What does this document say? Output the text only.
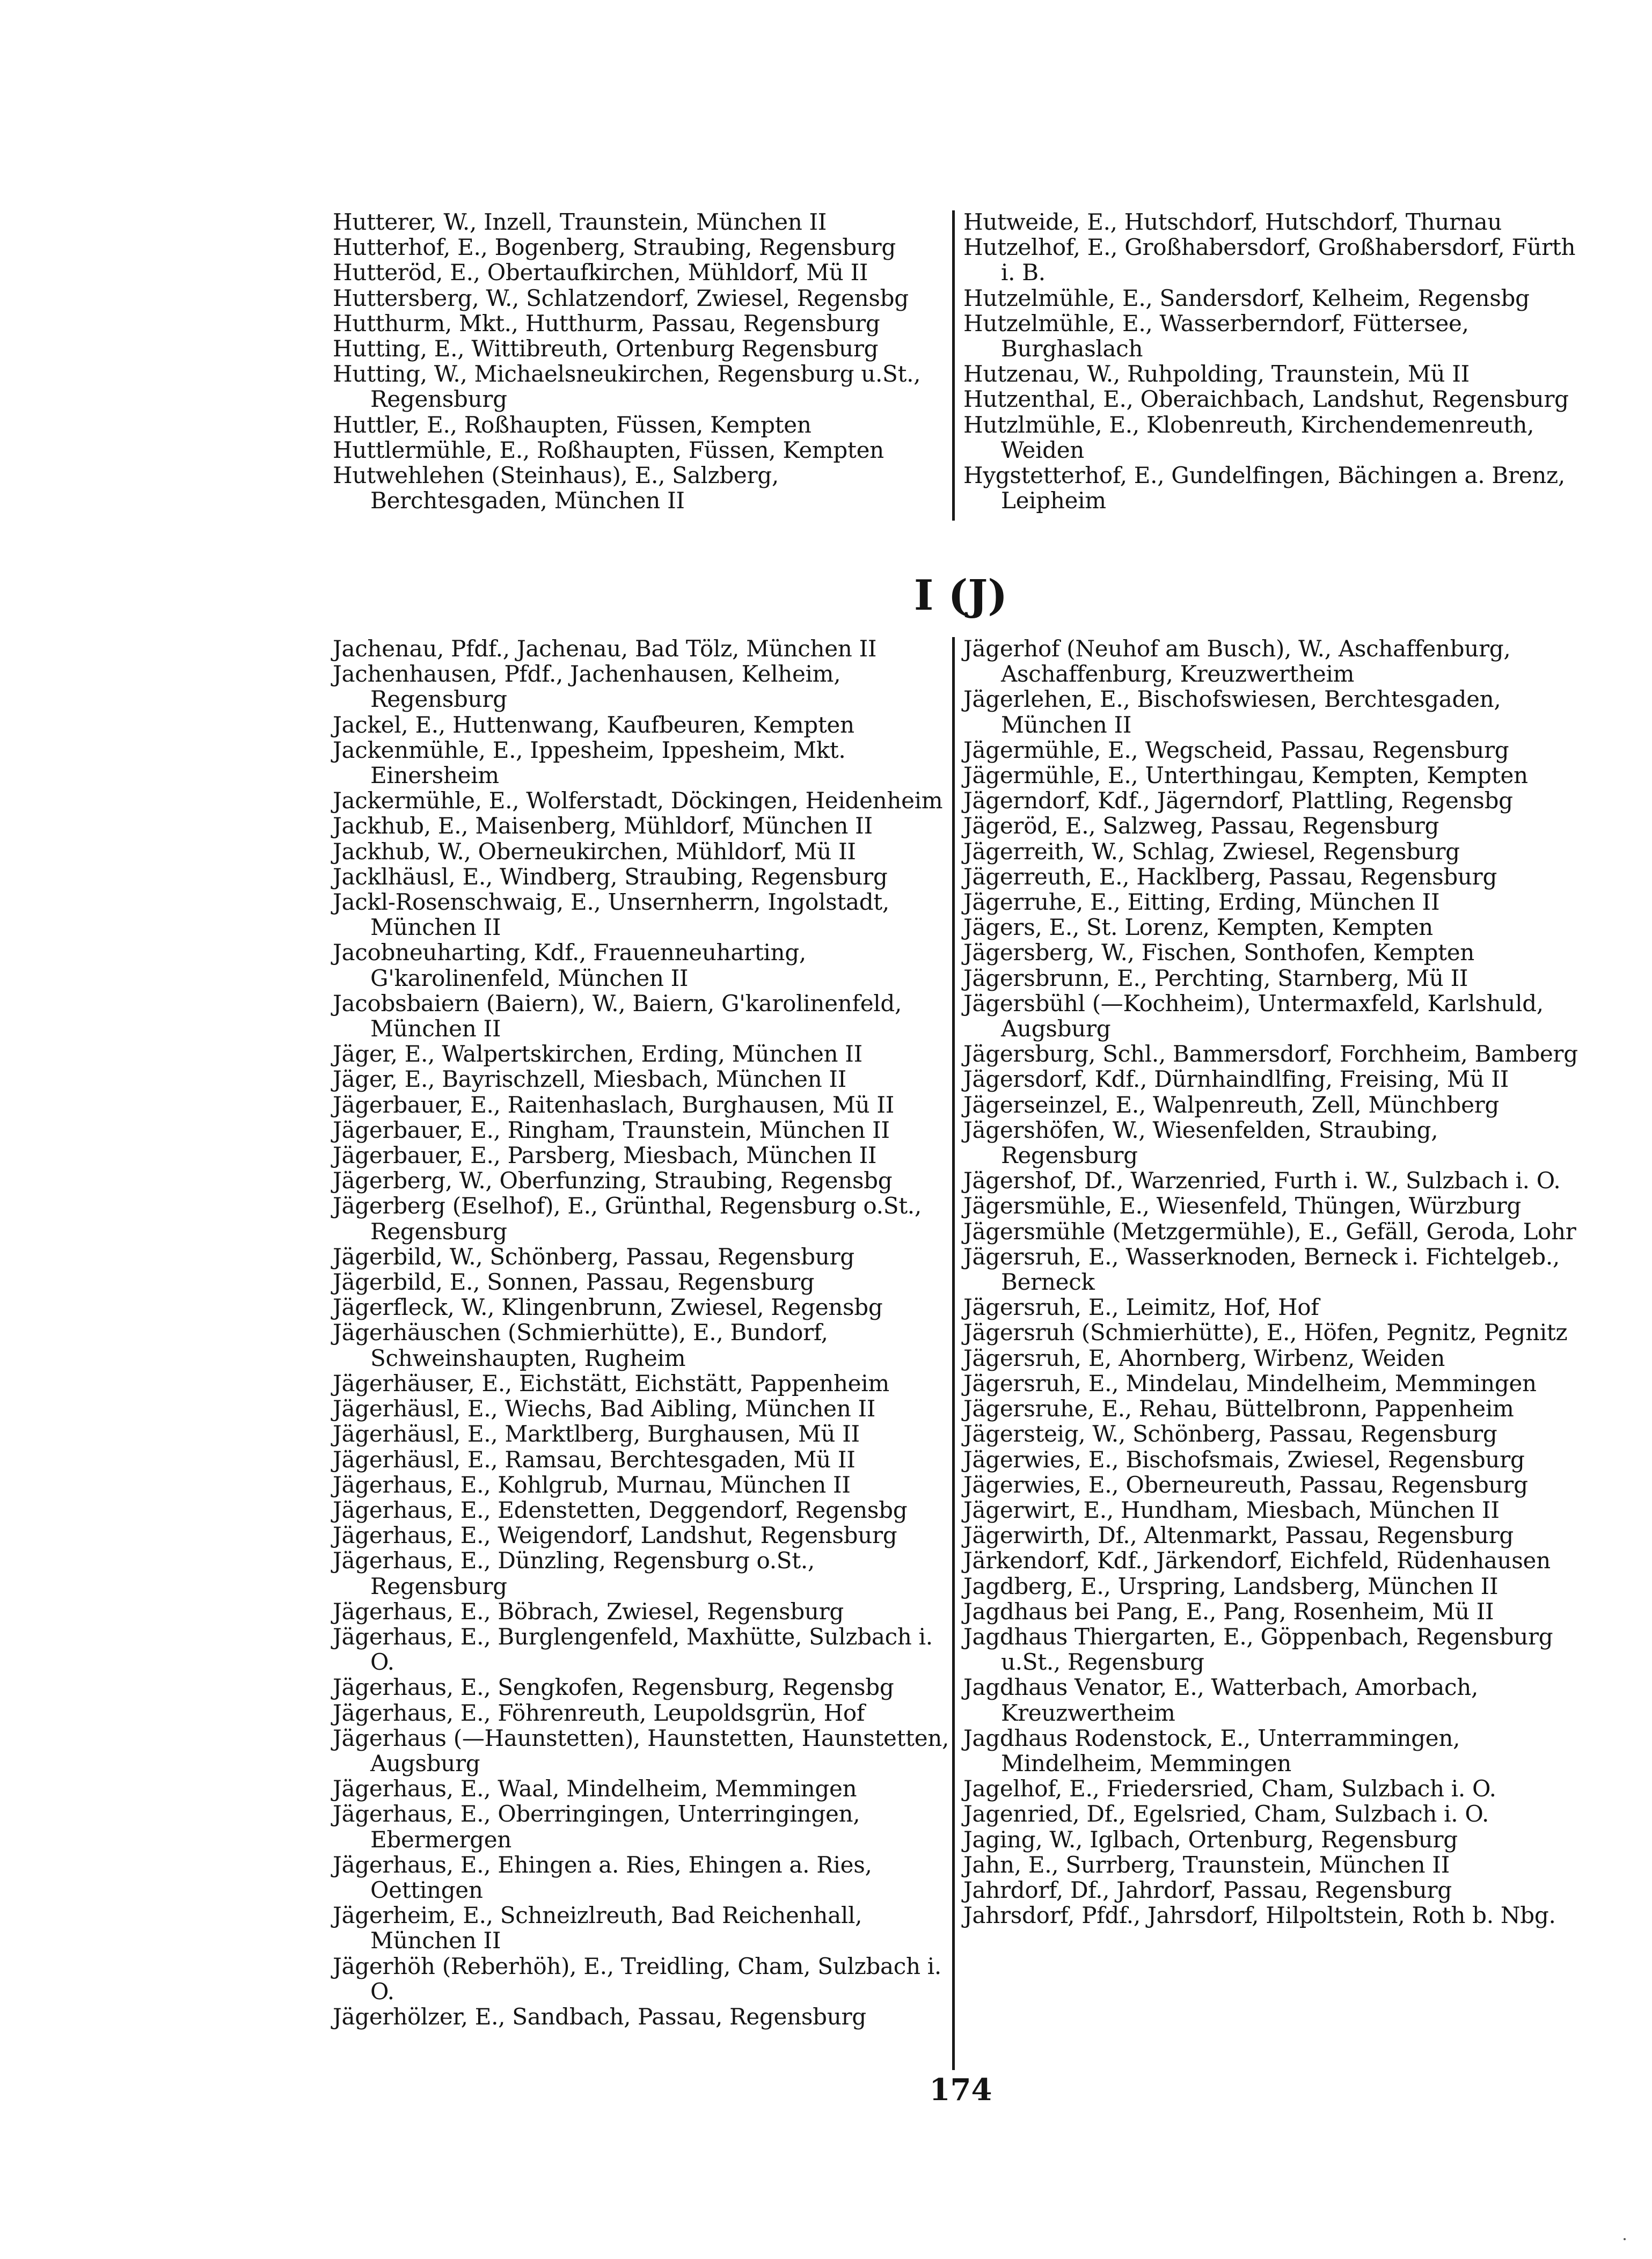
Hutterer, W., Inzell, Traunstein, München II

Hutterhof, E., Bogenberg, Straubing, Regensburg

Hutteröd, E., Obertaufkirchen, Mühldorf, Mü II

Huttersberg, W., Schlatzendorf, Zwiesel, Regensbg

Hutthurm, Mkt., Hutthurm, Passau, Regensburg

Hutting, E., Wittibreuth, Ortenburg Regensburg

Hutting, W., Michaelsneukirchen, Regensburg u.St., Regensburg

Huttler, E., Roßhaupten, Füssen, Kempten

Huttlermühle, E., Roßhaupten, Füssen, Kempten

Hutwehlehen (Steinhaus), E., Salzberg, Berchtesgaden, München II

Hutweide, E., Hutschdorf, Hutschdorf, Thurnau

Hutzelhof, E., Großhabersdorf, Großhabersdorf, Fürth i. B.

Hutzelmühle, E., Sandersdorf, Kelheim, Regensbg

Hutzelmühle, E., Wasserberndorf, Füttersee, Burghaslach

Hutzenau, W., Ruhpolding, Traunstein, Mü II

Hutzenthal, E., Oberaichbach, Landshut, Regensburg

Hutzlmühle, E., Klobenreuth, Kirchendemenreuth, Weiden

Hygstetterhof, E., Gundelfingen, Bächingen a. Brenz, Leipheim

I (J)

Jachenau, Pfdf., Jachenau, Bad Tölz, München II

Jachenhausen, Pfdf., Jachenhausen, Kelheim, Regensburg

Jackel, E., Huttenwang, Kaufbeuren, Kempten

Jackenmühle, E., Ippesheim, Ippesheim, Mkt. Einersheim

Jackermühle, E., Wolferstadt, Döckingen, Heidenheim

Jackhub, E., Maisenberg, Mühldorf, München II

Jackhub, W., Oberneukirchen, Mühldorf, Mü II

Jacklhäusl, E., Windberg, Straubing, Regensburg

Jackl-Rosenschwaig, E., Unsernherrn, Ingolstadt, München II

Jacobneuharting, Kdf., Frauenneuharting, G'karolinenfeld, München II

Jacobsbaiern (Baiern), W., Baiern, G'karolinenfeld, München II

Jäger, E., Walpertskirchen, Erding, München II

Jäger, E., Bayrischzell, Miesbach, München II

Jägerbauer, E., Raitenhaslach, Burghausen, Mü II

Jägerbauer, E., Ringham, Traunstein, München II

Jägerbauer, E., Parsberg, Miesbach, München II

Jägerberg, W., Oberfunzing, Straubing, Regensbg

Jägerberg (Eselhof), E., Grünthal, Regensburg o.St., Regensburg

Jägerbild, W., Schönberg, Passau, Regensburg

Jägerbild, E., Sonnen, Passau, Regensburg

Jägerfleck, W., Klingenbrunn, Zwiesel, Regensbg

Jägerhäuschen (Schmierhütte), E., Bundorf, Schweinshaupten, Rugheim

Jägerhäuser, E., Eichstätt, Eichstätt, Pappenheim

Jägerhäusl, E., Wiechs, Bad Aibling, München II

Jägerhäusl, E., Marktlberg, Burghausen, Mü II

Jägerhäusl, E., Ramsau, Berchtesgaden, Mü II

Jägerhaus, E., Kohlgrub, Murnau, München II

Jägerhaus, E., Edenstetten, Deggendorf, Regensbg

Jägerhaus, E., Weigendorf, Landshut, Regensburg

Jägerhaus, E., Dünzling, Regensburg o.St., Regensburg

Jägerhaus, E., Böbrach, Zwiesel, Regensburg

Jägerhaus, E., Burglengenfeld, Maxhütte, Sulzbach i. O.

Jägerhaus, E., Sengkofen, Regensburg, Regensbg

Jägerhaus, E., Föhrenreuth, Leupoldsgrün, Hof

Jägerhaus (—Haunstetten), Haunstetten, Haunstetten, Augsburg

Jägerhaus, E., Waal, Mindelheim, Memmingen

Jägerhaus, E., Oberringingen, Unterringingen, Ebermergen

Jägerhaus, E., Ehingen a. Ries, Ehingen a. Ries, Oettingen

Jägerheim, E., Schneizlreuth, Bad Reichenhall, München II

Jägerhöh (Reberhöh), E., Treidling, Cham, Sulzbach i. O.

Jägerhölzer, E., Sandbach, Passau, Regensburg

Jägerhof (Neuhof am Busch), W., Aschaffenburg, Aschaffenburg, Kreuzwertheim

Jägerlehen, E., Bischofswiesen, Berchtesgaden, München II

Jägermühle, E., Wegscheid, Passau, Regensburg

Jägermühle, E., Unterthingau, Kempten, Kempten

Jägerndorf, Kdf., Jägerndorf, Plattling, Regensbg

Jägeröd, E., Salzweg, Passau, Regensburg

Jägerreith, W., Schlag, Zwiesel, Regensburg

Jägerreuth, E., Hacklberg, Passau, Regensburg

Jägerruhe, E., Eitting, Erding, München II

Jägers, E., St. Lorenz, Kempten, Kempten

Jägersberg, W., Fischen, Sonthofen, Kempten

Jägersbrunn, E., Perchting, Starnberg, Mü II

Jägersbühl (—Kochheim), Untermaxfeld, Karlshuld, Augsburg

Jägersburg, Schl., Bammersdorf, Forchheim, Bamberg

Jägersdorf, Kdf., Dürnhaindlfing, Freising, Mü II

Jägerseinzel, E., Walpenreuth, Zell, Münchberg

Jägershöfen, W., Wiesenfelden, Straubing, Regensburg

Jägershof, Df., Warzenried, Furth i. W., Sulzbach i. O.

Jägersmühle, E., Wiesenfeld, Thüngen, Würzburg

Jägersmühle (Metzgermühle), E., Gefäll, Geroda, Lohr

Jägersruh, E., Wasserknoden, Berneck i. Fichtelgeb., Berneck

Jägersruh, E., Leimitz, Hof, Hof

Jägersruh (Schmierhütte), E., Höfen, Pegnitz, Pegnitz

Jägersruh, E, Ahornberg, Wirbenz, Weiden

Jägersruh, E., Mindelau, Mindelheim, Memmingen

Jägersruhe, E., Rehau, Büttelbronn, Pappenheim

Jägersteig, W., Schönberg, Passau, Regensburg

Jägerwies, E., Bischofsmais, Zwiesel, Regensburg

Jägerwies, E., Oberneureuth, Passau, Regensburg

Jägerwirt, E., Hundham, Miesbach, München II

Jägerwirth, Df., Altenmarkt, Passau, Regensburg

Järkendorf, Kdf., Järkendorf, Eichfeld, Rüdenhausen

Jagdberg, E., Urspring, Landsberg, München II

Jagdhaus bei Pang, E., Pang, Rosenheim, Mü II

Jagdhaus Thiergarten, E., Göppenbach, Regensburg u.St., Regensburg

Jagdhaus Venator, E., Watterbach, Amorbach, Kreuzwertheim

Jagdhaus Rodenstock, E., Unterrammingen, Mindelheim, Memmingen

Jagelhof, E., Friedersried, Cham, Sulzbach i. O.

Jagenried, Df., Egelsried, Cham, Sulzbach i. O.

Jaging, W., Iglbach, Ortenburg, Regensburg

Jahn, E., Surrberg, Traunstein, München II

Jahrdorf, Df., Jahrdorf, Passau, Regensburg

Jahrsdorf, Pfdf., Jahrsdorf, Hilpoltstein, Roth b. Nbg.

174
